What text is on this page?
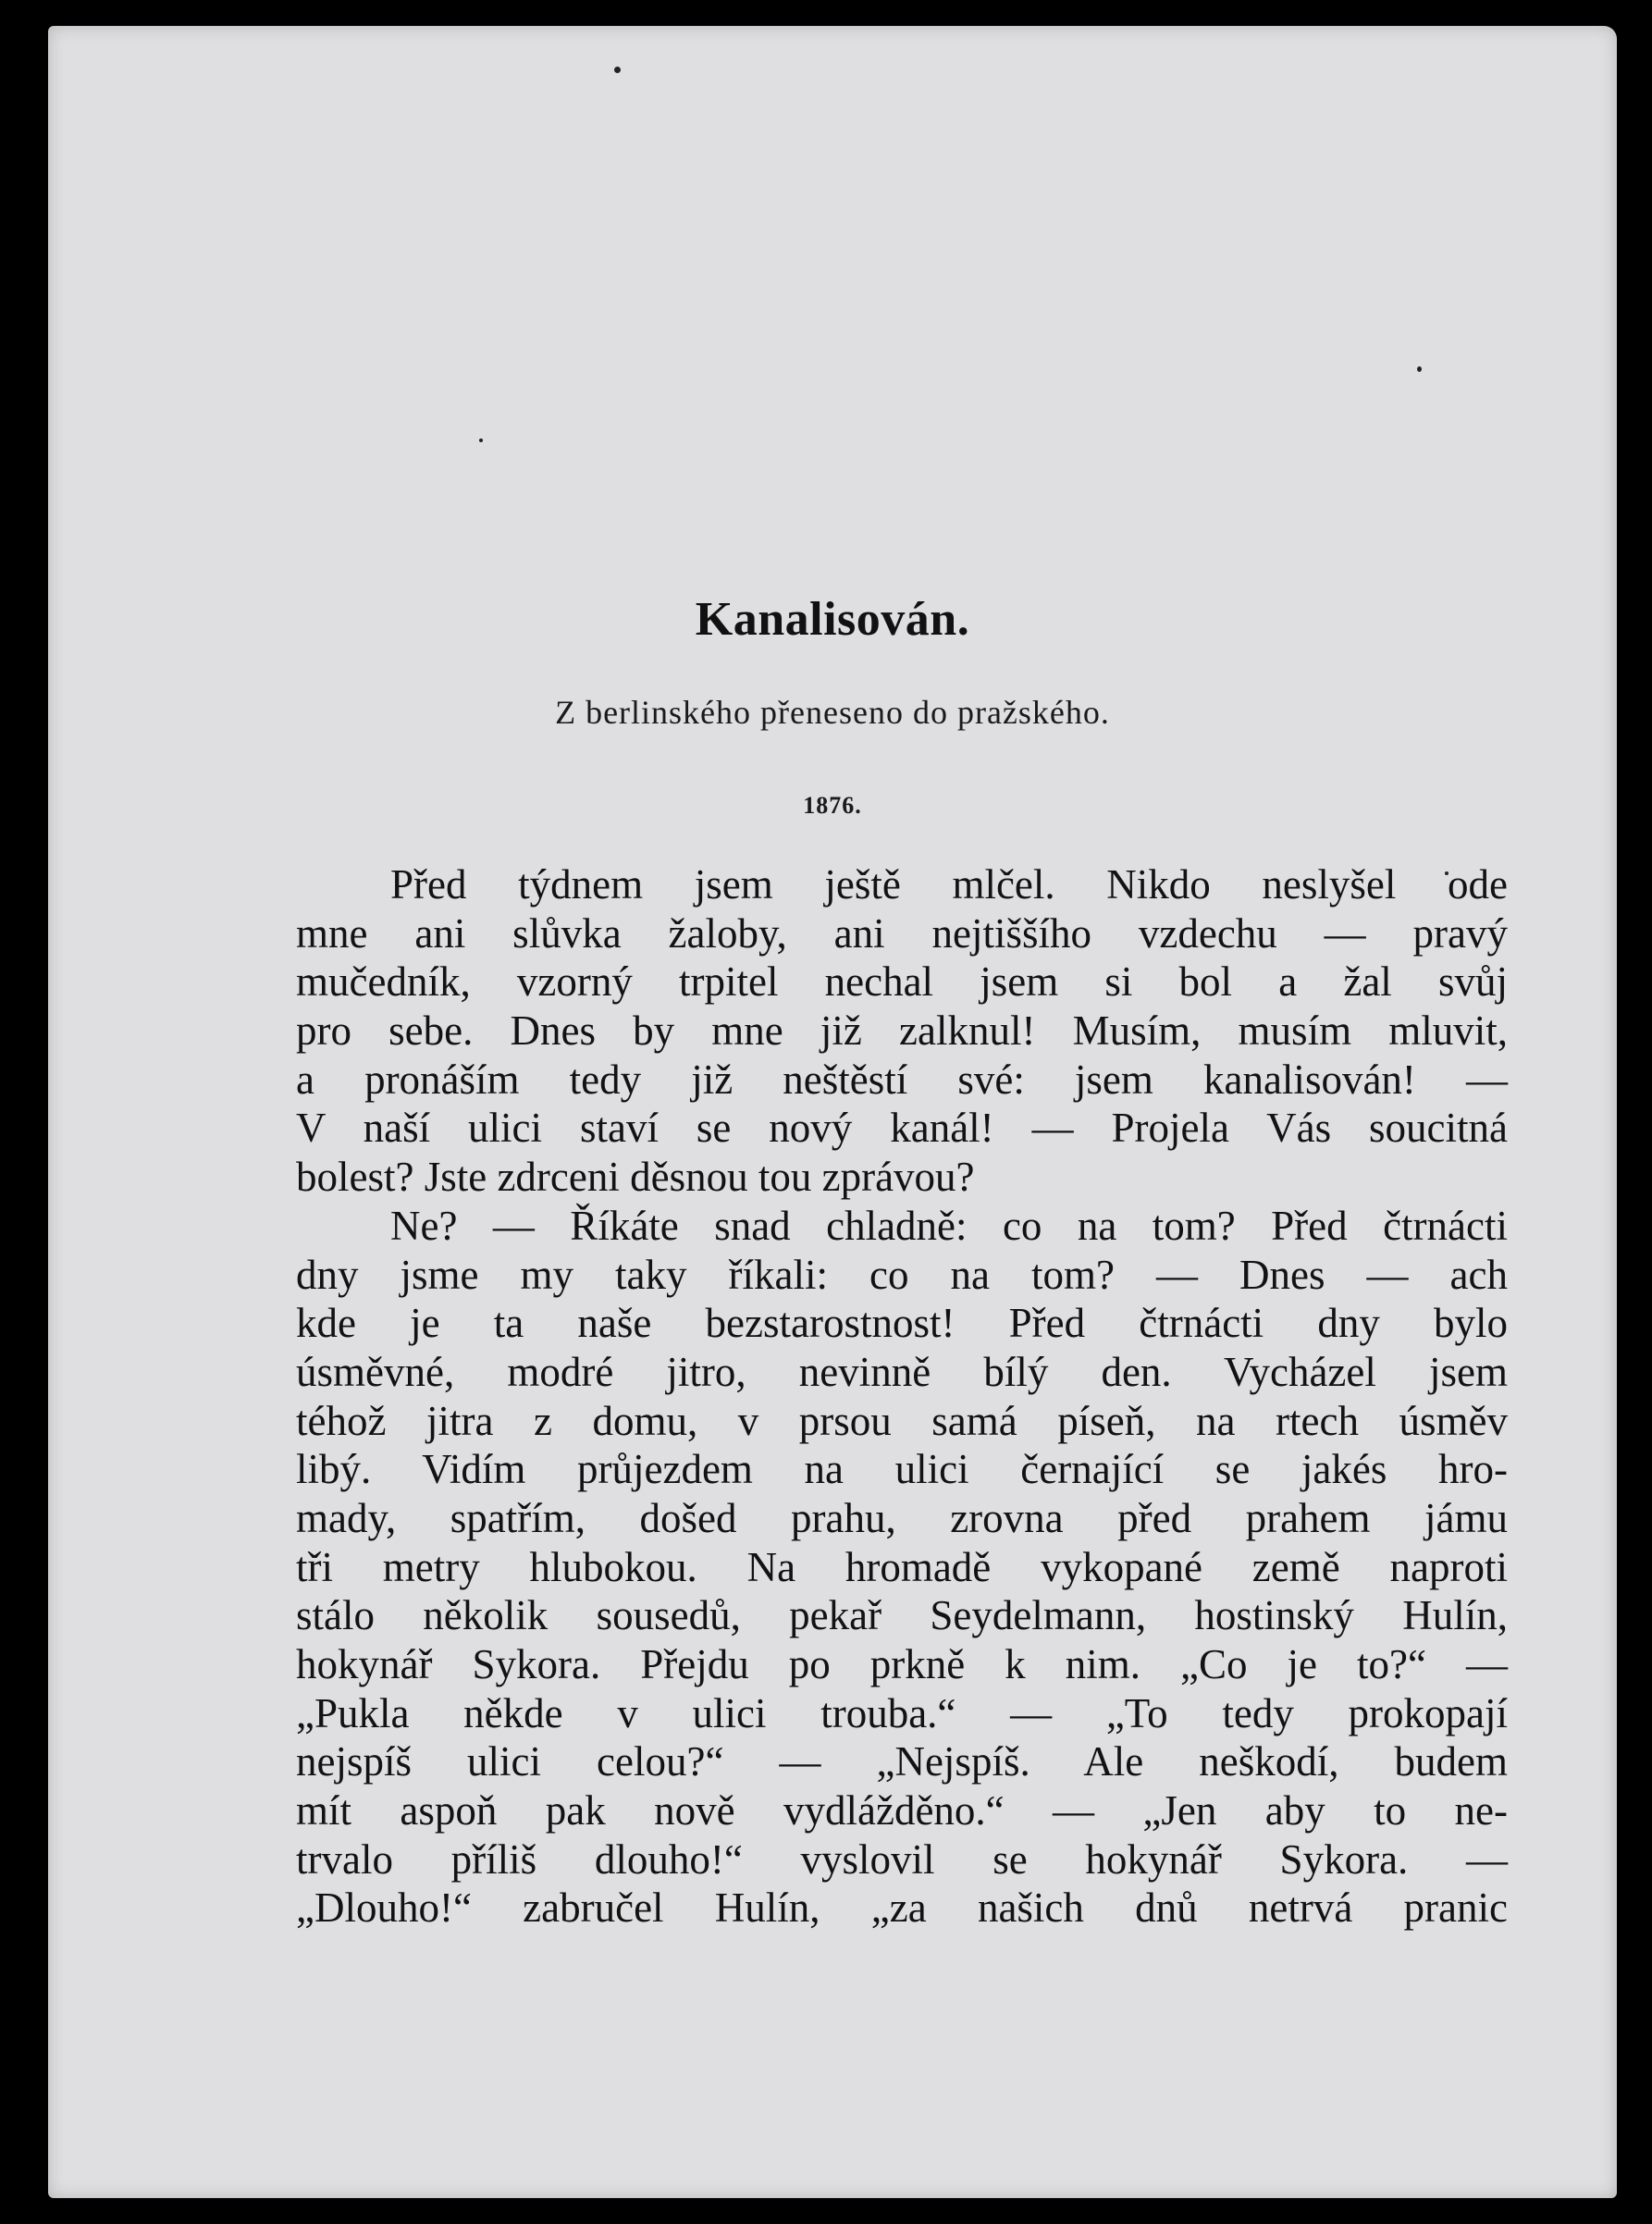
Kanalisován.
Z berlinského přeneseno do pražského.
1876.
Před týdnem jsem ještě mlčel. Nikdo neslyšel ode
mne ani slůvka žaloby, ani nejtiššího vzdechu — pravý
mučedník, vzorný trpitel nechal jsem si bol a žal svůj
pro sebe. Dnes by mne již zalknul! Musím, musím mluvit,
a pronáším tedy již neštěstí své: jsem kanalisován! —
V naší ulici staví se nový kanál! — Projela Vás soucitná
bolest? Jste zdrceni děsnou tou zprávou?
Ne? — Říkáte snad chladně: co na tom? Před čtrnácti
dny jsme my taky říkali: co na tom? — Dnes — ach
kde je ta naše bezstarostnost! Před čtrnácti dny bylo
úsměvné, modré jitro, nevinně bílý den. Vycházel jsem
téhož jitra z domu, v prsou samá píseň, na rtech úsměv
libý. Vidím průjezdem na ulici černající se jakés hro-
mady, spatřím, došed prahu, zrovna před prahem jámu
tři metry hlubokou. Na hromadě vykopané země naproti
stálo několik sousedů, pekař Seydelmann, hostinský Hulín,
hokynář Sykora. Přejdu po prkně k nim. „Co je to?“ —
„Pukla někde v ulici trouba.“ — „To tedy prokopají
nejspíš ulici celou?“ — „Nejspíš. Ale neškodí, budem
mít aspoň pak nově vydlážděno.“ — „Jen aby to ne-
trvalo příliš dlouho!“ vyslovil se hokynář Sykora. —
„Dlouho!“ zabručel Hulín, „za našich dnů netrvá pranic
